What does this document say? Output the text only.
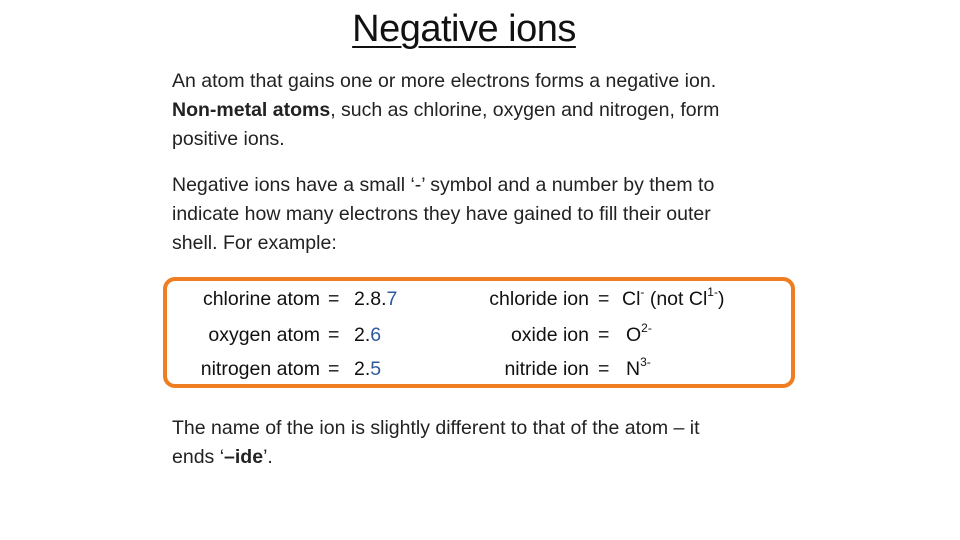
Negative ions
An atom that gains one or more electrons forms a negative ion.
Non-metal atoms, such as chlorine, oxygen and nitrogen, form
positive ions.
Negative ions have a small ‘-’ symbol and a number by them to
indicate how many electrons they have gained to fill their outer
shell. For example:
chlorine atom = 2.8.7
oxygen atom = 2.6
nitrogen atom = 2.5
chloride ion = Cl- (not $Cl^{1-}$)
oxide ion = $O^{2-}$
nitride ion = $N^{3-}$
The name of the ion is slightly different to that of the atom – it
ends ‘–ide’.
